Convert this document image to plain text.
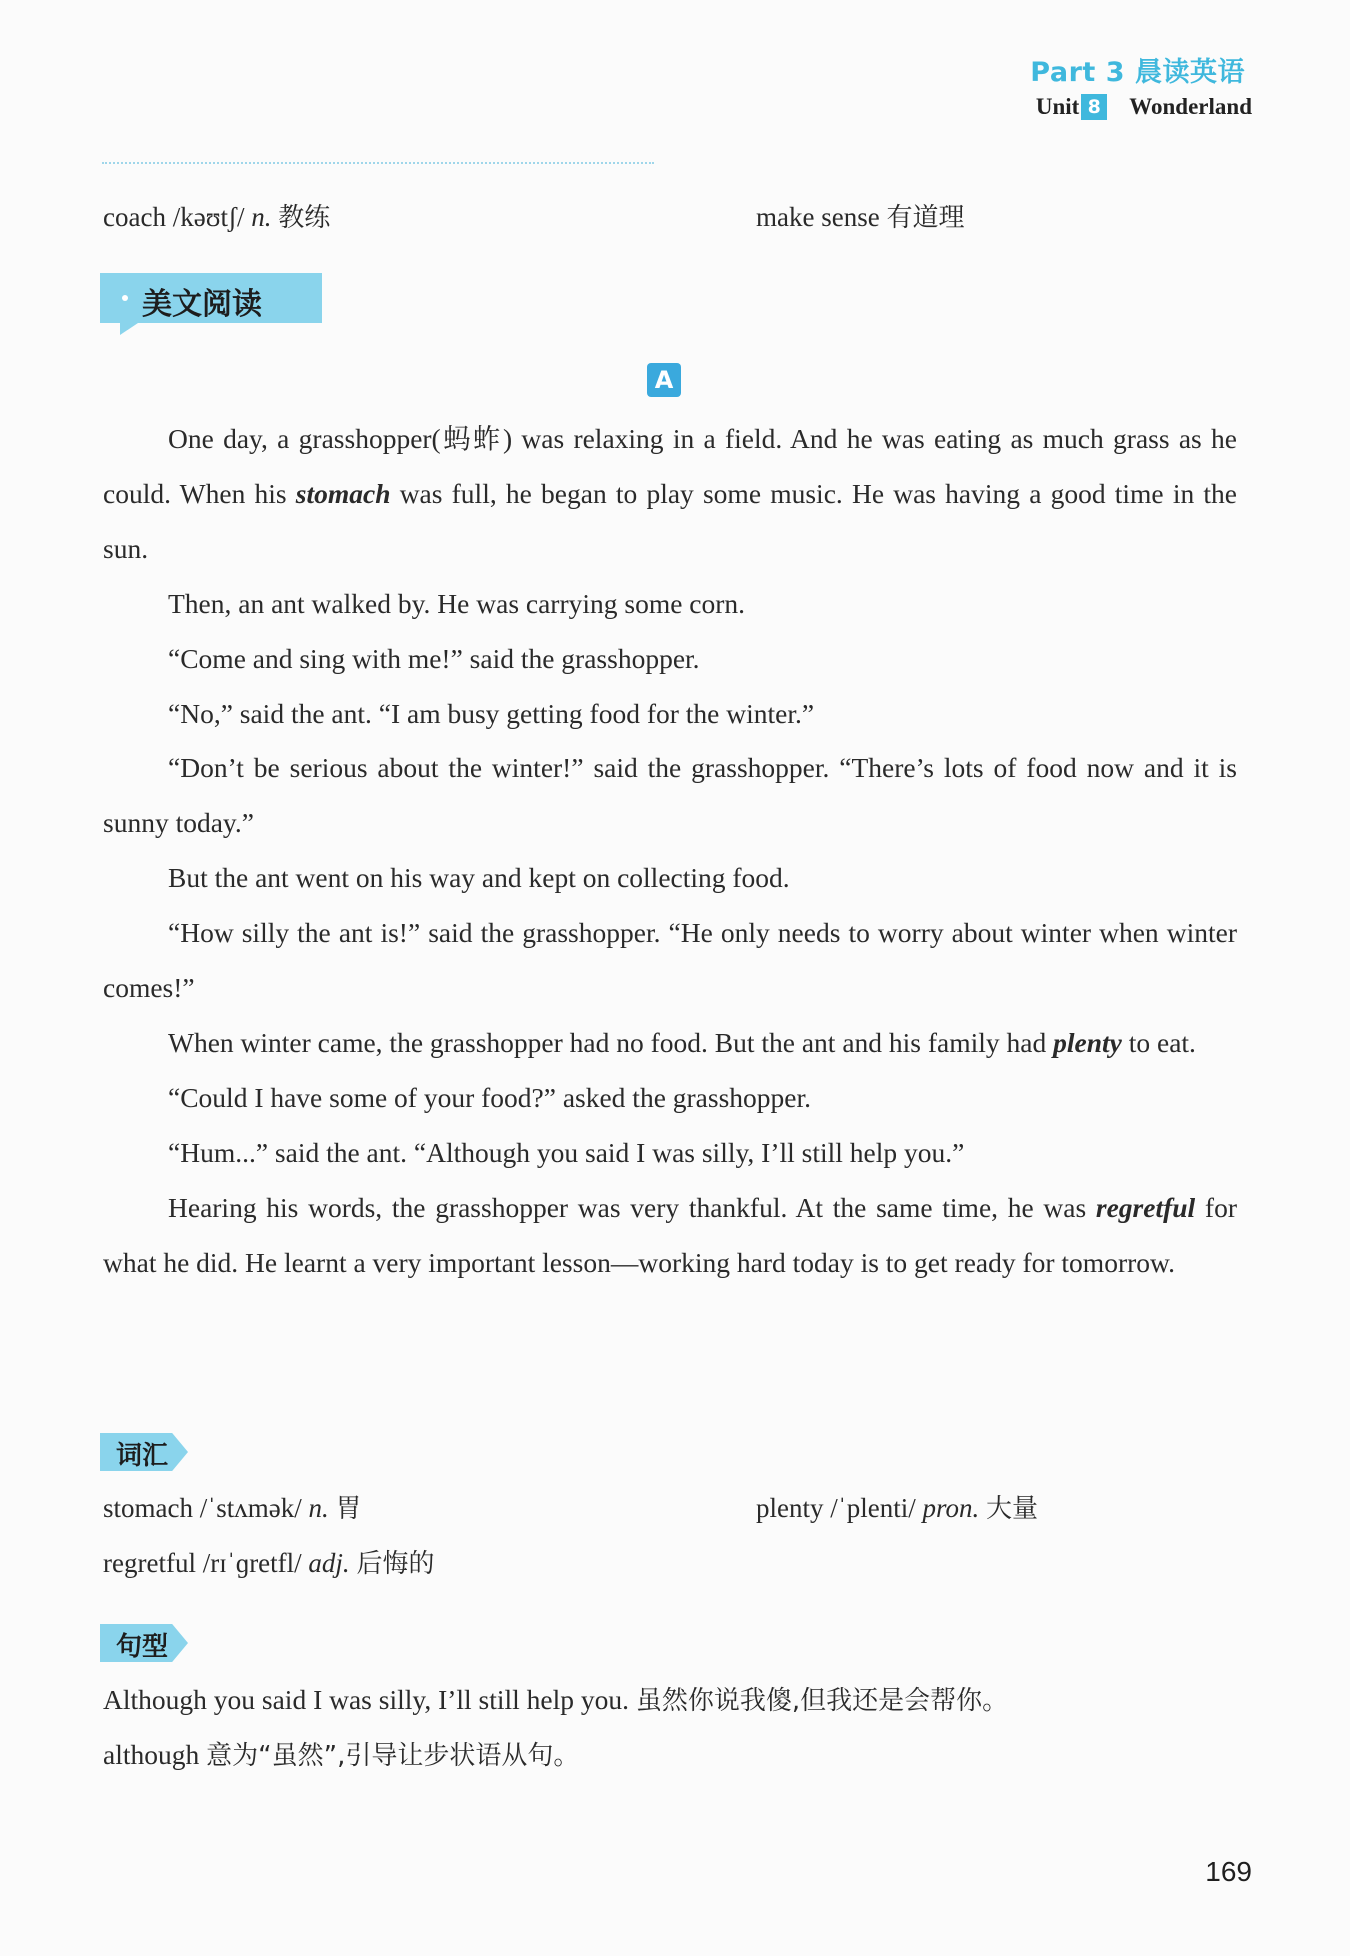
Part 3 晨读英语
Unit 8 Wonderland
coach /kəʊtʃ/ n. 教练	make sense 有道理
美文阅读
A

One day, a grasshopper(蚂蚱) was relaxing in a field. And he was eating as much grass as he could. When his stomach was full, he began to play some music. He was having a good time in the sun.

Then, an ant walked by. He was carrying some corn.

“Come and sing with me!” said the grasshopper.

“No,” said the ant. “I am busy getting food for the winter.”

“Don’t be serious about the winter!” said the grasshopper. “There’s lots of food now and it is sunny today.”

But the ant went on his way and kept on collecting food.

“How silly the ant is!” said the grasshopper. “He only needs to worry about winter when winter comes!”

When winter came, the grasshopper had no food. But the ant and his family had plenty to eat.

“Could I have some of your food?” asked the grasshopper.

“Hum...” said the ant. “Although you said I was silly, I’ll still help you.”

Hearing his words, the grasshopper was very thankful. At the same time, he was regretful for what he did. He learnt a very important lesson—working hard today is to get ready for tomorrow.

词汇
stomach /ˈstʌmək/ n. 胃	plenty /ˈplenti/ pron. 大量
regretful /rɪˈɡretfl/ adj. 后悔的
句型
Although you said I was silly, I’ll still help you. 虽然你说我傻,但我还是会帮你。
although 意为“虽然”,引导让步状语从句。
169
